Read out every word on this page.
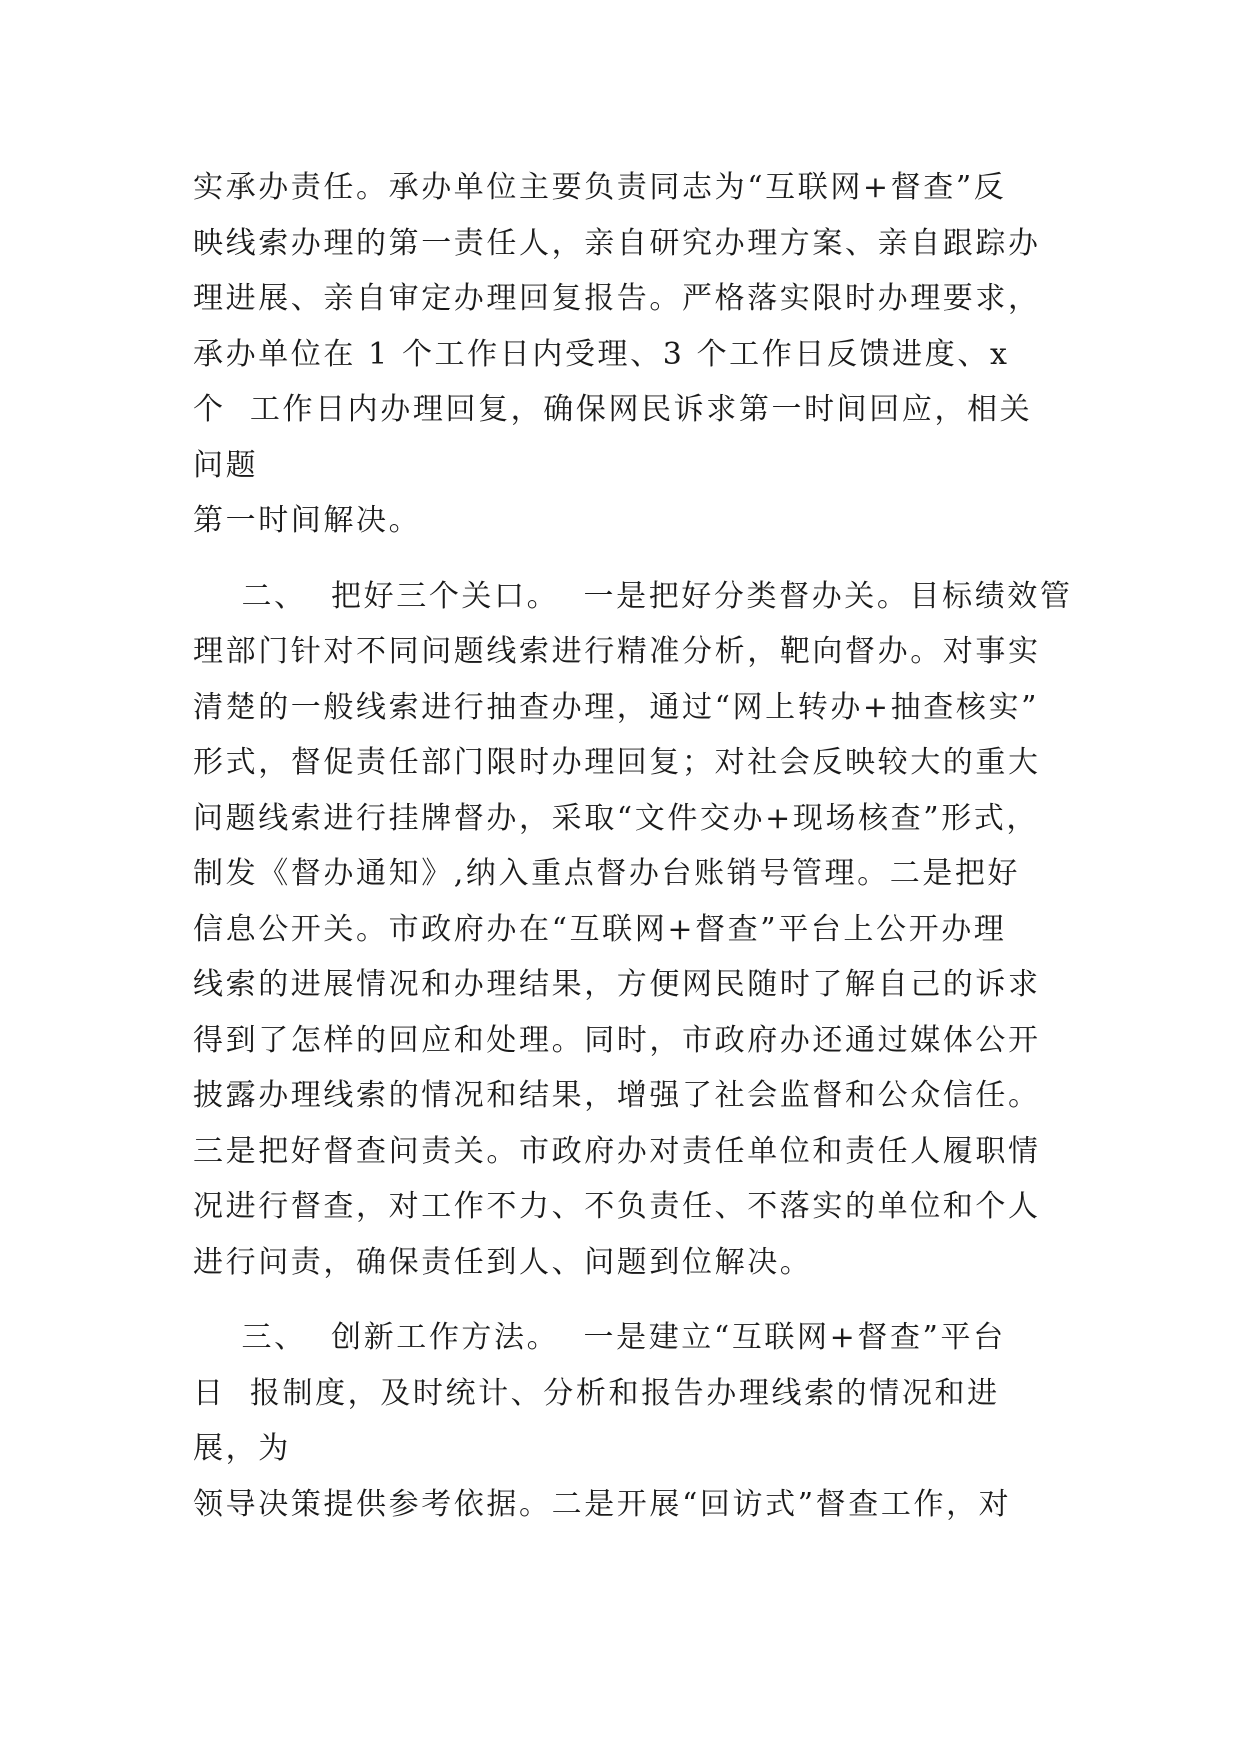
实承办责任。承办单位主要负责同志为“互联网+督查”反
映线索办理的第一责任人，亲自研究办理方案、亲自跟踪办
理进展、亲自审定办理回复报告。严格落实限时办理要求，
承办单位在 1 个工作日内受理、3 个工作日反馈进度、x
个  工作日内办理回复，确保网民诉求第一时间回应，相关
问题
第一时间解决。
二、  把好三个关口。  一是把好分类督办关。目标绩效管
理部门针对不同问题线索进行精准分析，靶向督办。对事实
清楚的一般线索进行抽查办理，通过“网上转办+抽查核实”
形式，督促责任部门限时办理回复；对社会反映较大的重大
问题线索进行挂牌督办，采取“文件交办+现场核查”形式，
制发《督办通知》,纳入重点督办台账销号管理。二是把好
信息公开关。市政府办在“互联网+督查”平台上公开办理
线索的进展情况和办理结果，方便网民随时了解自己的诉求
得到了怎样的回应和处理。同时，市政府办还通过媒体公开
披露办理线索的情况和结果，增强了社会监督和公众信任。
三是把好督查问责关。市政府办对责任单位和责任人履职情
况进行督查，对工作不力、不负责任、不落实的单位和个人
进行问责，确保责任到人、问题到位解决。
三、  创新工作方法。  一是建立“互联网+督查”平台
日  报制度，及时统计、分析和报告办理线索的情况和进
展，为
领导决策提供参考依据。二是开展“回访式”督查工作，对
